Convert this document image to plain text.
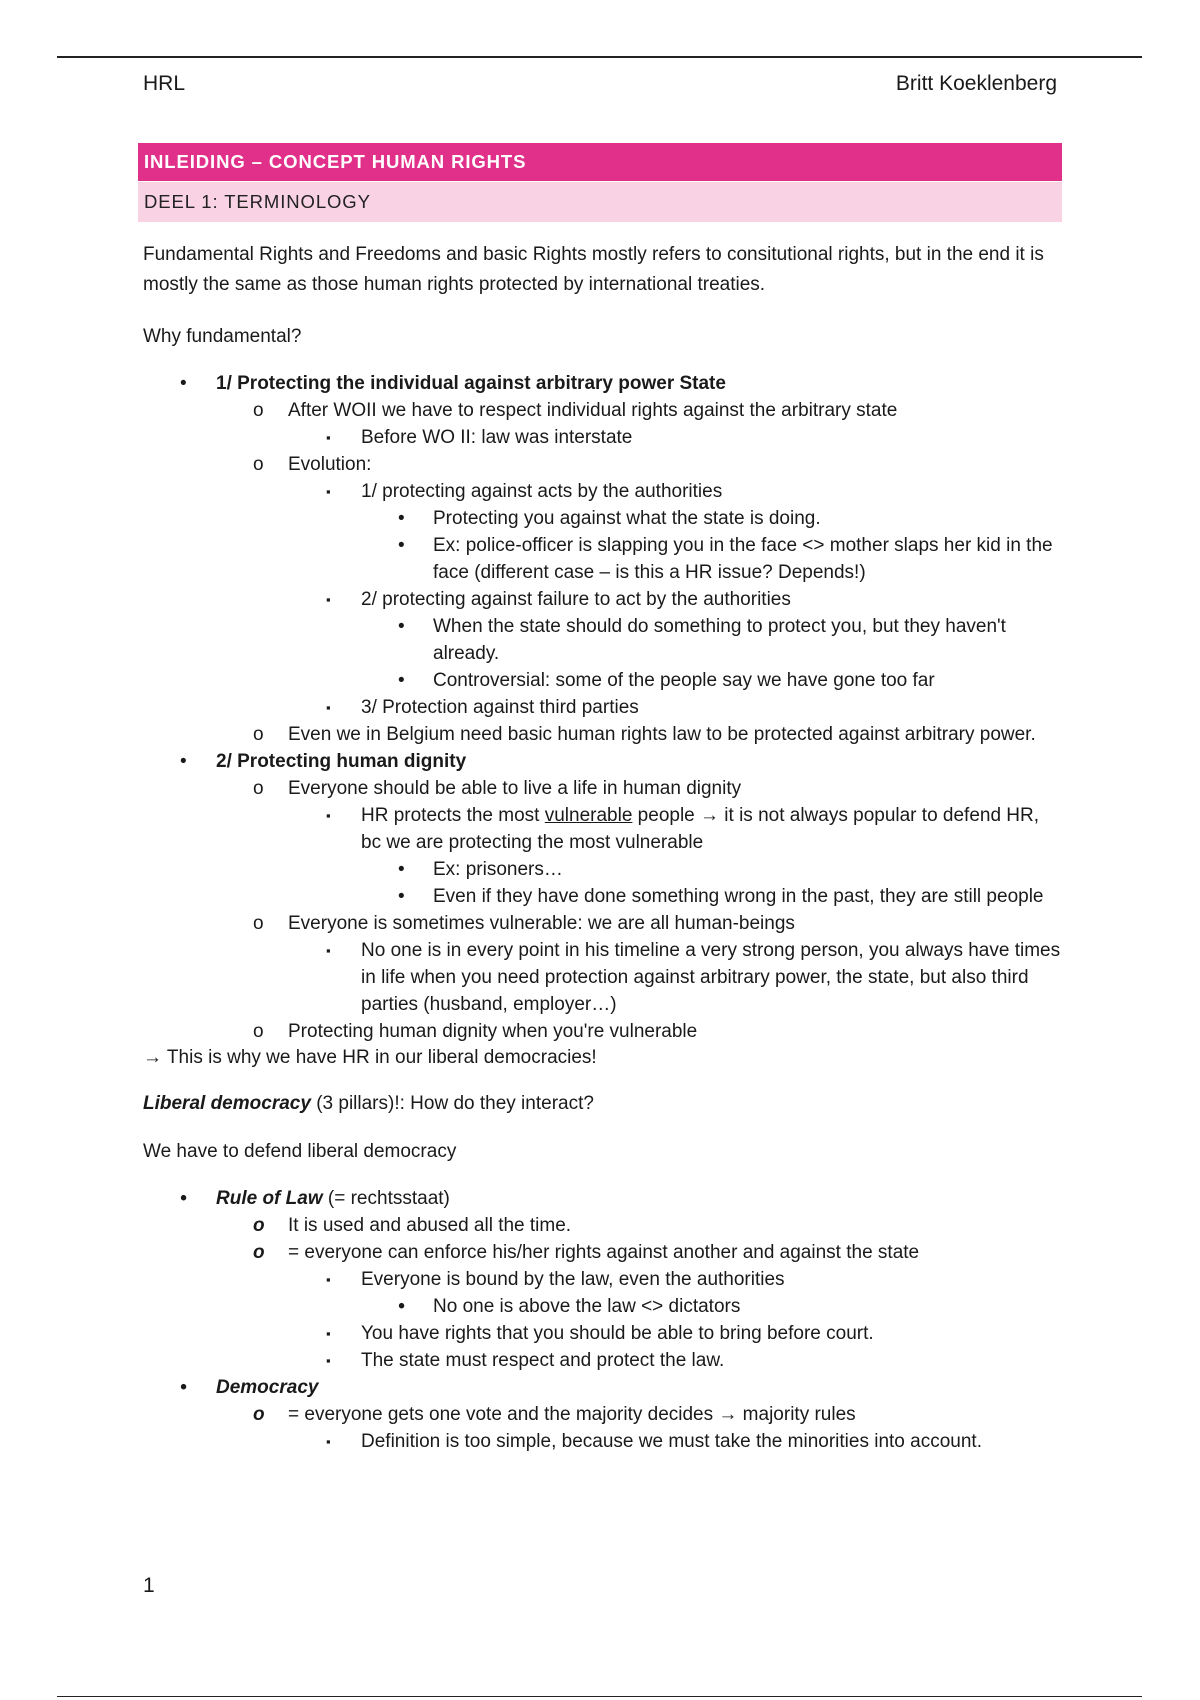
HRL	Britt Koeklenberg
INLEIDING – CONCEPT HUMAN RIGHTS
DEEL 1: TERMINOLOGY

Fundamental Rights and Freedoms and basic Rights mostly refers to consitutional rights, but in the end it is mostly the same as those human rights protected by international treaties.

Why fundamental?

• 1/ Protecting the individual against arbitrary power State
o After WOII we have to respect individual rights against the arbitrary state
▪ Before WO II: law was interstate
o Evolution:
▪ 1/ protecting against acts by the authorities
• Protecting you against what the state is doing.
• Ex: police-officer is slapping you in the face <> mother slaps her kid in the face (different case – is this a HR issue? Depends!)
▪ 2/ protecting against failure to act by the authorities
• When the state should do something to protect you, but they haven't already.
• Controversial: some of the people say we have gone too far
▪ 3/ Protection against third parties
o Even we in Belgium need basic human rights law to be protected against arbitrary power.
• 2/ Protecting human dignity
o Everyone should be able to live a life in human dignity
▪ HR protects the most vulnerable people → it is not always popular to defend HR, bc we are protecting the most vulnerable
• Ex: prisoners…
• Even if they have done something wrong in the past, they are still people
o Everyone is sometimes vulnerable: we are all human-beings
▪ No one is in every point in his timeline a very strong person, you always have times in life when you need protection against arbitrary power, the state, but also third parties (husband, employer…)
o Protecting human dignity when you're vulnerable

→ This is why we have HR in our liberal democracies!

Liberal democracy (3 pillars)!: How do they interact?

We have to defend liberal democracy

• Rule of Law (= rechtsstaat)
o It is used and abused all the time.
o = everyone can enforce his/her rights against another and against the state
▪ Everyone is bound by the law, even the authorities
• No one is above the law <> dictators
▪ You have rights that you should be able to bring before court.
▪ The state must respect and protect the law.
• Democracy
o = everyone gets one vote and the majority decides → majority rules
▪ Definition is too simple, because we must take the minorities into account.
1
